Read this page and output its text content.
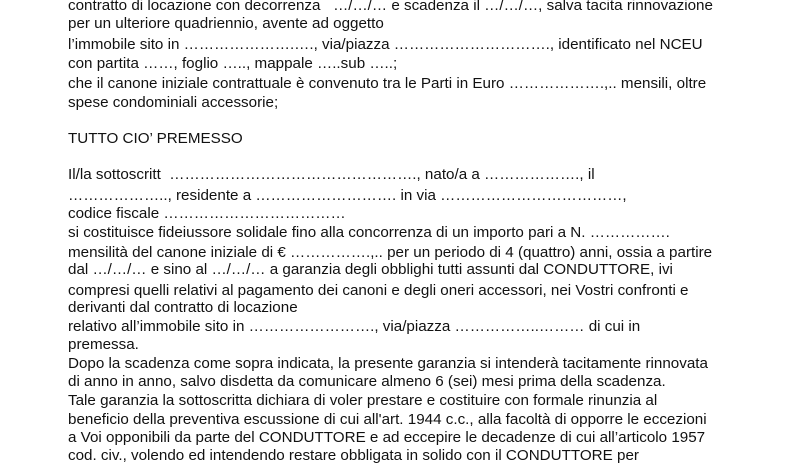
contratto di locazione con decorrenza   …/…/… e scadenza il …/…/…, salva tacita rinnovazione

per un ulteriore quadriennio, avente ad oggetto

l’immobile sito in ………………….…., via/piazza …………………………., identificato nel NCEU

con partita ……, foglio ….., mappale …..sub …..;

che il canone iniziale contrattuale è convenuto tra le Parti in Euro ……………….,.. mensili, oltre

spese condominiali accessorie;

TUTTO CIO’ PREMESSO

Il/la sottoscritt  …………………………………………., nato/a a ………………., il

……………….., residente a ………………………. in via ………………………………,

codice fiscale ………………………………

si costituisce fideiussore solidale fino alla concorrenza di un importo pari a N. …………….

mensilità del canone iniziale di € …………….,.. per un periodo di 4 (quattro) anni, ossia a partire

dal …/…/… e sino al …/…/… a garanzia degli obblighi tutti assunti dal CONDUTTORE, ivi

compresi quelli relativi al pagamento dei canoni e degli oneri accessori, nei Vostri confronti e

derivanti dal contratto di locazione

relativo all’immobile sito in ……………………., via/piazza ……………..……… di cui in

premessa.

Dopo la scadenza come sopra indicata, la presente garanzia si intenderà tacitamente rinnovata

di anno in anno, salvo disdetta da comunicare almeno 6 (sei) mesi prima della scadenza.

Tale garanzia la sottoscritta dichiara di voler prestare e costituire con formale rinunzia al

beneficio della preventiva escussione di cui all'art. 1944 c.c., alla facoltà di opporre le eccezioni

a Voi opponibili da parte del CONDUTTORE e ad eccepire le decadenze di cui all’articolo 1957

cod. civ., volendo ed intendendo restare obbligata in solido con il CONDUTTORE per
